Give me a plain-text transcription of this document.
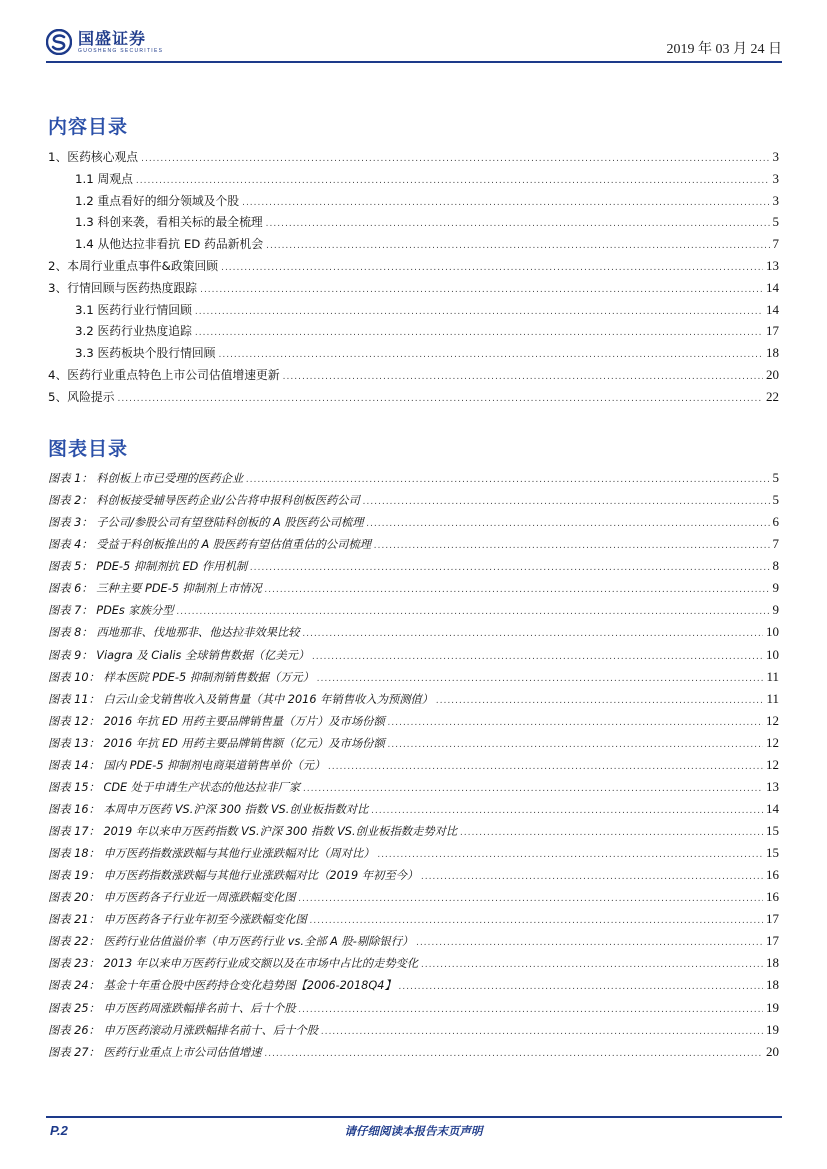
国盛证券
GUOSHENG SECURITIES	2019 年 03 月 24 日
内容目录
1、医药核心观点 .....	3
1.1 周观点 .....	3
1.2 重点看好的细分领域及个股 .....	3
1.3 科创来袭，看相关标的最全梳理 .....	5
1.4 从他达拉非看抗 ED 药品新机会 .....	7
2、本周行业重点事件&政策回顾 .....	13
3、行情回顾与医药热度跟踪 .....	14
3.1 医药行业行情回顾 .....	14
3.2 医药行业热度追踪 .....	17
3.3 医药板块个股行情回顾 .....	18
4、医药行业重点特色上市公司估值增速更新 .....	20
5、风险提示 .....	22
图表目录
图表 1： 科创板上市已受理的医药企业 .....	5
图表 2： 科创板接受辅导医药企业/公告将申报科创板医药公司 .....	5
图表 3： 子公司/参股公司有望登陆科创板的 A 股医药公司梳理 .....	6
图表 4： 受益于科创板推出的 A 股医药有望估值重估的公司梳理 .....	7
图表 5： PDE-5 抑制剂抗 ED 作用机制 .....	8
图表 6： 三种主要 PDE-5 抑制剂上市情况 .....	9
图表 7： PDEs 家族分型 .....	9
图表 8： 西地那非、伐地那非、他达拉非效果比较 .....	10
图表 9： Viagra 及 Cialis 全球销售数据（亿美元） .....	10
图表 10： 样本医院 PDE-5 抑制剂销售数据（万元） .....	11
图表 11： 白云山金戈销售收入及销售量（其中 2016 年销售收入为预测值） .....	11
图表 12： 2016 年抗 ED 用药主要品牌销售量（万片）及市场份额 .....	12
图表 13： 2016 年抗 ED 用药主要品牌销售额（亿元）及市场份额 .....	12
图表 14： 国内 PDE-5 抑制剂电商渠道销售单价（元） .....	12
图表 15： CDE 处于申请生产状态的他达拉非厂家 .....	13
图表 16： 本周申万医药 VS.沪深 300 指数 VS.创业板指数对比 .....	14
图表 17： 2019 年以来申万医药指数 VS.沪深 300 指数 VS.创业板指数走势对比 .....	15
图表 18： 申万医药指数涨跌幅与其他行业涨跌幅对比（周对比） .....	15
图表 19： 申万医药指数涨跌幅与其他行业涨跌幅对比（2019 年初至今） .....	16
图表 20： 申万医药各子行业近一周涨跌幅变化图 .....	16
图表 21： 申万医药各子行业年初至今涨跌幅变化图 .....	17
图表 22： 医药行业估值溢价率（申万医药行业 vs.全部 A 股-剔除银行） .....	17
图表 23： 2013 年以来申万医药行业成交额以及在市场中占比的走势变化 .....	18
图表 24： 基金十年重仓股中医药持仓变化趋势图【2006-2018Q4】 .....	18
图表 25： 申万医药周涨跌幅排名前十、后十个股 .....	19
图表 26： 申万医药滚动月涨跌幅排名前十、后十个股 .....	19
图表 27： 医药行业重点上市公司估值增速 .....	20
P.2	请仔细阅读本报告末页声明
